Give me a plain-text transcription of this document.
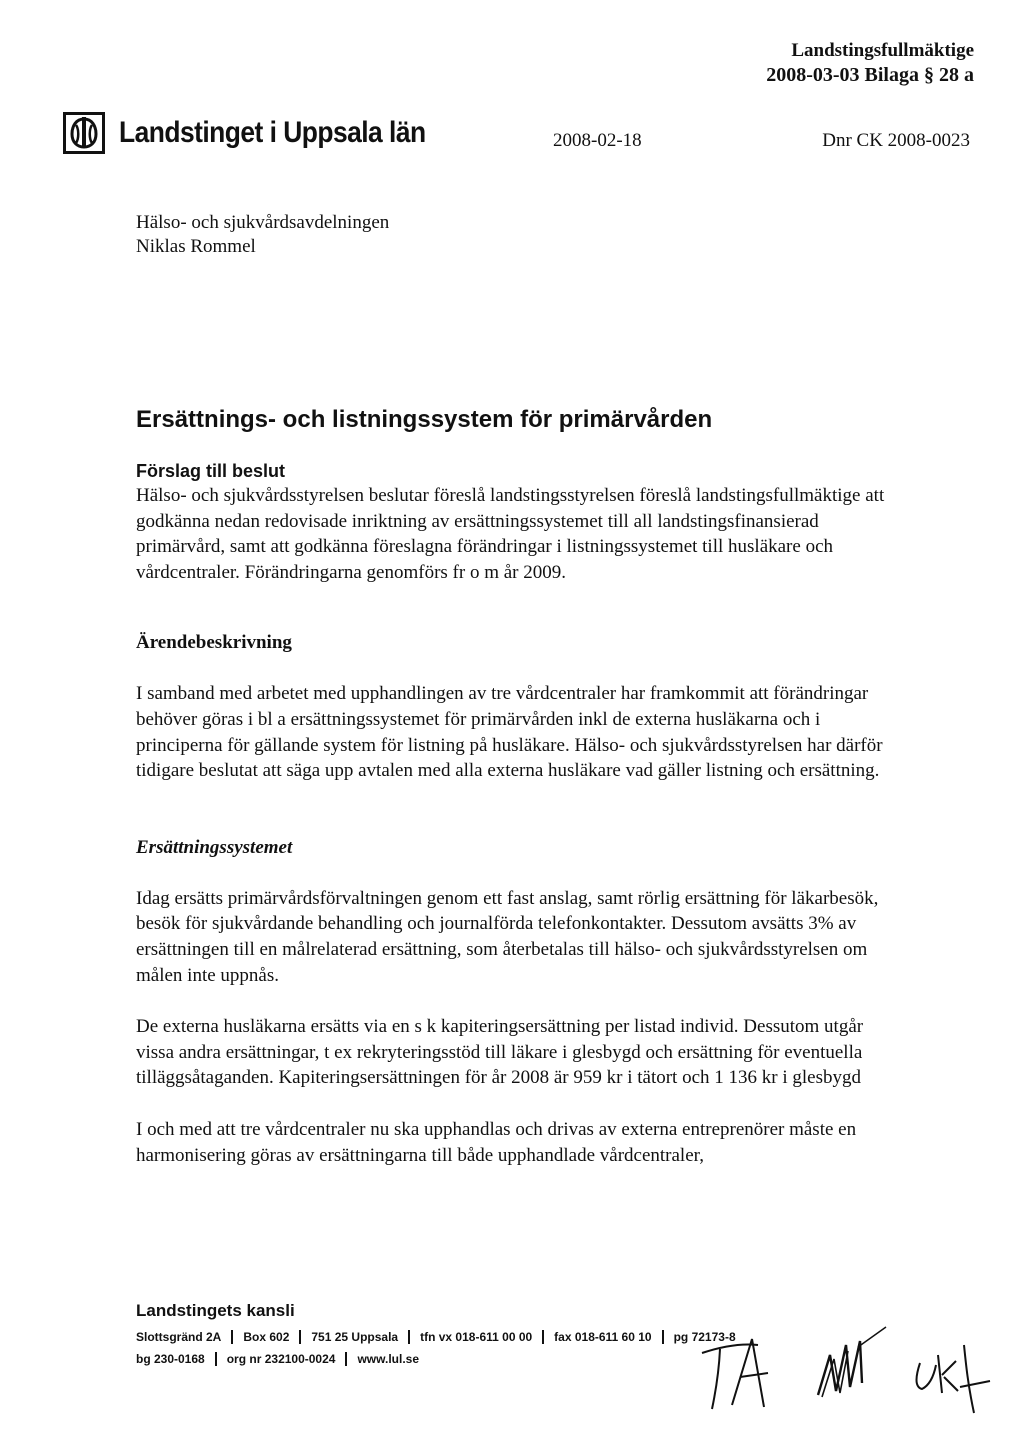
Landstingsfullmäktige
2008-03-03 Bilaga § 28 a
Landstinget i Uppsala län	2008-02-18	Dnr CK 2008-0023
Hälso- och sjukvårdsavdelningen
Niklas Rommel
Ersättnings- och listningssystem för primärvården
Förslag till beslut

Hälso- och sjukvårdsstyrelsen beslutar föreslå landstingsstyrelsen föreslå landstingsfullmäktige att godkänna nedan redovisade inriktning av ersättningssystemet till all landstingsfinansierad primärvård, samt att godkänna föreslagna förändringar i listningssystemet till husläkare och vårdcentraler. Förändringarna genomförs fr o m år 2009.

Ärendebeskrivning

I samband med arbetet med upphandlingen av tre vårdcentraler har framkommit att förändringar behöver göras i bl a ersättningssystemet för primärvården inkl de externa husläkarna och i principerna för gällande system för listning på husläkare. Hälso- och sjukvårdsstyrelsen har därför tidigare beslutat att säga upp avtalen med alla externa husläkare vad gäller listning och ersättning.

Ersättningssystemet

Idag ersätts primärvårdsförvaltningen genom ett fast anslag, samt rörlig ersättning för läkarbesök, besök för sjukvårdande behandling och journalförda telefonkontakter. Dessutom avsätts 3% av ersättningen till en målrelaterad ersättning, som återbetalas till hälso- och sjukvårdsstyrelsen om målen inte uppnås.

De externa husläkarna ersätts via en s k kapiteringsersättning per listad individ. Dessutom utgår vissa andra ersättningar, t ex rekryteringsstöd till läkare i glesbygd och ersättning för eventuella tilläggsåtaganden. Kapiteringsersättningen för år 2008 är 959 kr i tätort och 1 136 kr i glesbygd

I och med att tre vårdcentraler nu ska upphandlas och drivas av externa entreprenörer måste en harmonisering göras av ersättningarna till både upphandlade vårdcentraler,

Landstingets kansli
Slottsgränd 2A Box 602 751 25 Uppsala tfn vx 018-611 00 00 fax 018-611 60 10 pg 72173-8
bg 230-0168 org nr 232100-0024 www.lul.se
